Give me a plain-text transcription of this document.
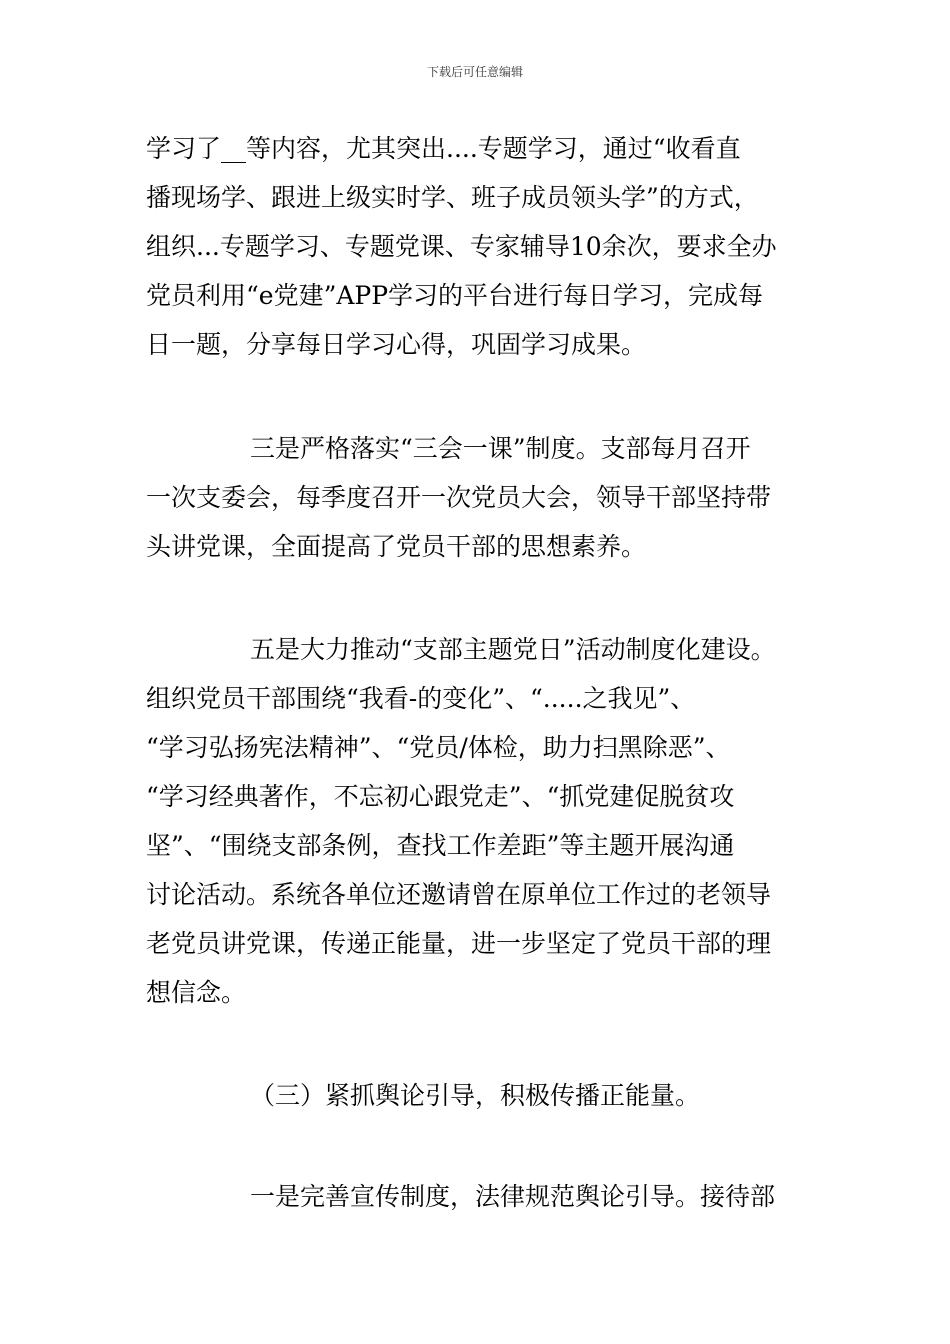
下载后可任意编辑
学习了__等内容，尤其突出....专题学习，通过“收看直
播现场学、跟进上级实时学、班子成员领头学”的方式，
组织...专题学习、专题党课、专家辅导10余次，要求全办
党员利用“e党建”APP学习的平台进行每日学习，完成每
日一题，分享每日学习心得，巩固学习成果。
三是严格落实“三会一课”制度。支部每月召开
一次支委会，每季度召开一次党员大会，领导干部坚持带
头讲党课，全面提高了党员干部的思想素养。
五是大力推动“支部主题党日”活动制度化建设。
组织党员干部围绕“我看-的变化”、“.....之我见”、
“学习弘扬宪法精神”、“党员/体检，助力扫黑除恶”、
“学习经典著作，不忘初心跟党走”、“抓党建促脱贫攻
坚”、“围绕支部条例，查找工作差距”等主题开展沟通
讨论活动。系统各单位还邀请曾在原单位工作过的老领导
老党员讲党课，传递正能量，进一步坚定了党员干部的理
想信念。
（三）紧抓舆论引导，积极传播正能量。
一是完善宣传制度，法律规范舆论引导。接待部
